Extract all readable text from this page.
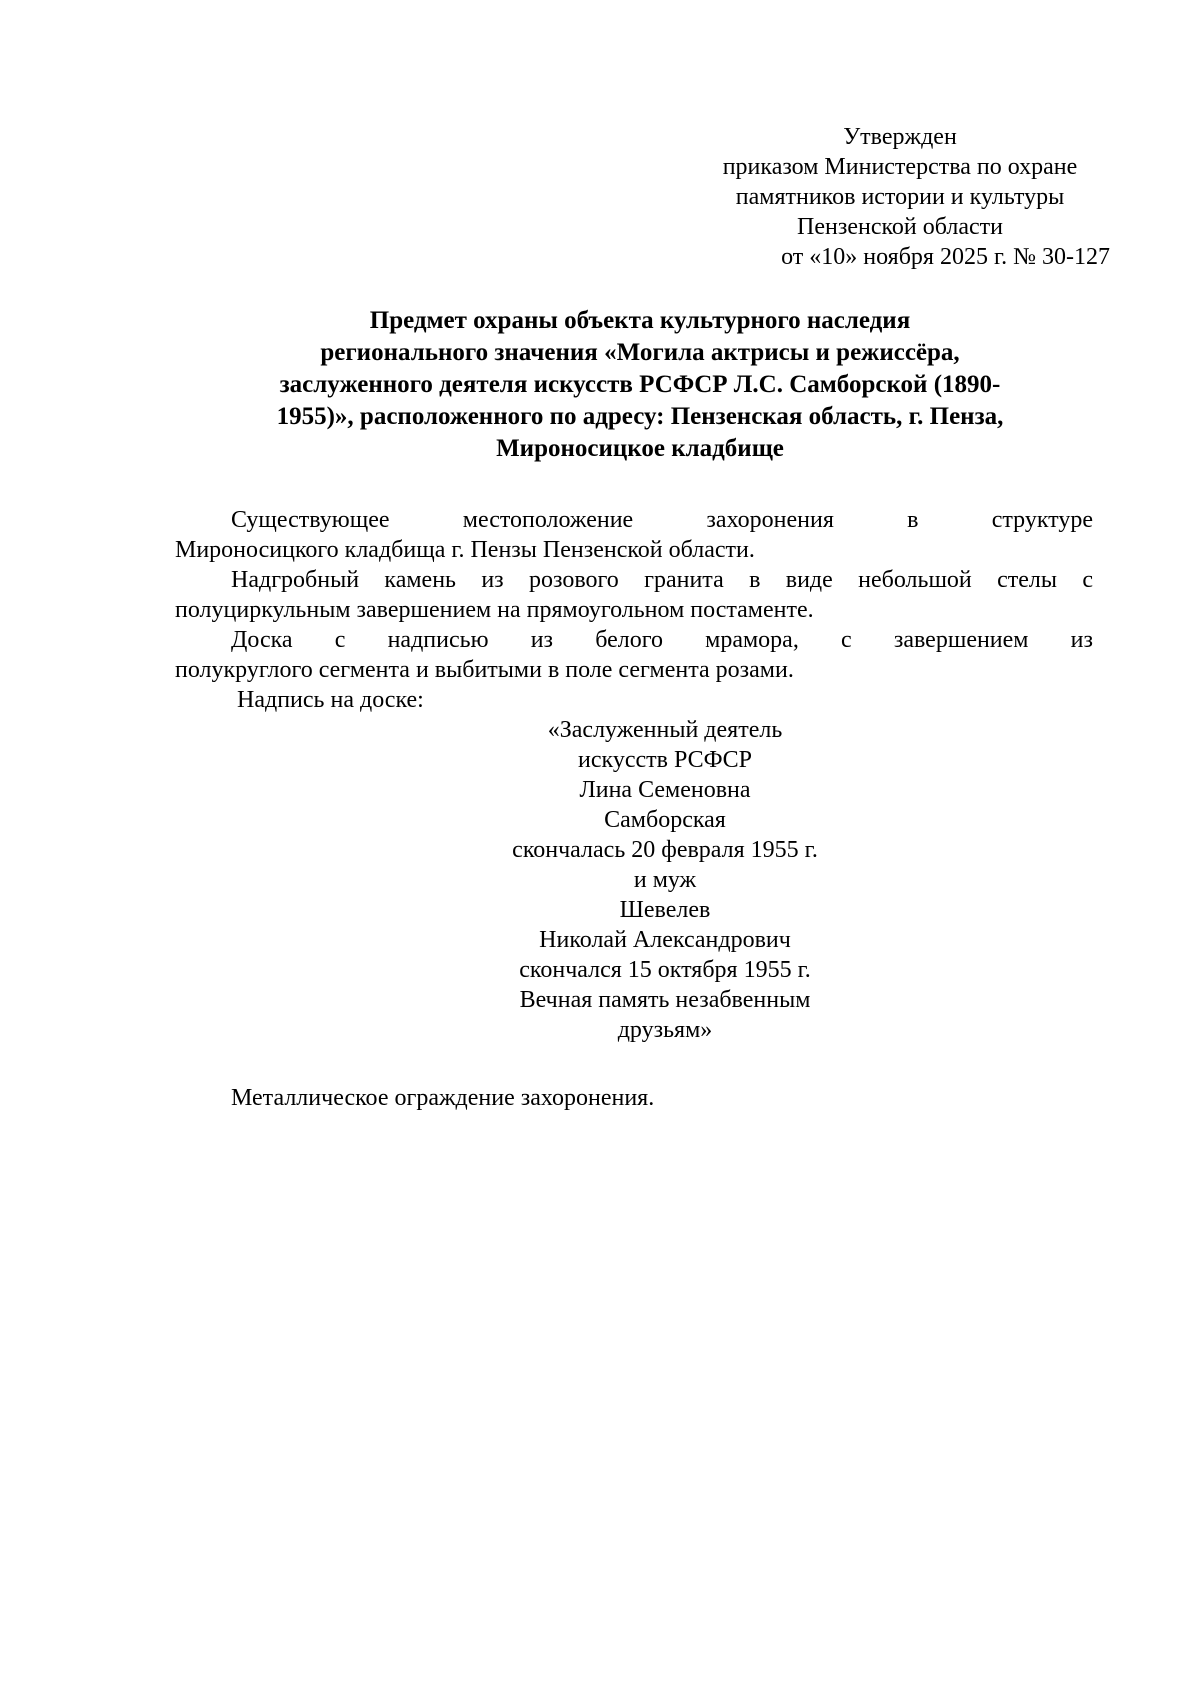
Утвержден
приказом Министерства по охране
памятников истории и культуры
Пензенской области
от «10» ноября 2025 г. № 30-127
Предмет охраны объекта культурного наследия
регионального значения «Могила актрисы и режиссёра,
заслуженного деятеля искусств РСФСР Л.С. Самборской (1890-
1955)», расположенного по адресу: Пензенская область, г. Пенза,
Мироносицкое кладбище
Существующее местоположение захоронения в структуре
Мироносицкого кладбища г. Пензы Пензенской области.
Надгробный камень из розового гранита в виде небольшой стелы с
полуциркульным завершением на прямоугольном постаменте.
Доска с надписью из белого мрамора, с завершением из
полукруглого сегмента и выбитыми в поле сегмента розами.
Надпись на доске:
«Заслуженный деятель
искусств РСФСР
Лина Семеновна
Самборская
скончалась 20 февраля 1955 г.
и муж
Шевелев
Николай Александрович
скончался 15 октября 1955 г.
Вечная память незабвенным
друзьям»
Металлическое ограждение захоронения.
